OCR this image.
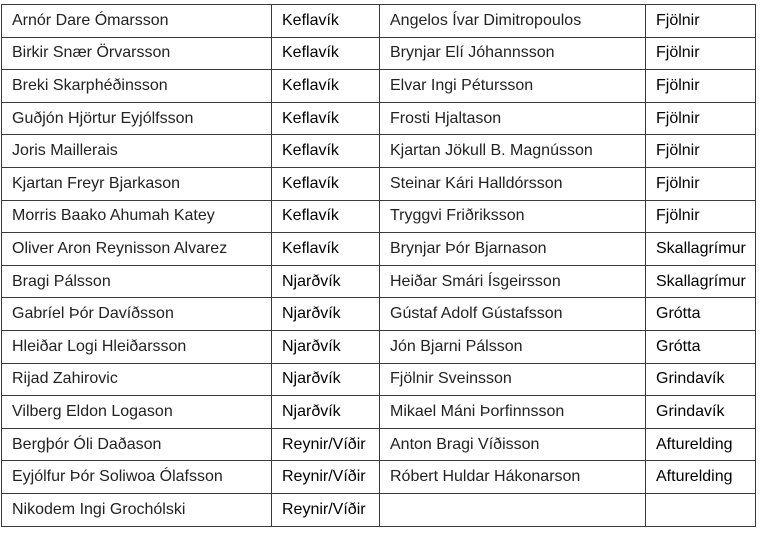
Arnór Dare Ómarsson	Keflavík	Angelos Ívar Dimitropoulos	Fjölnir
Birkir Snær Örvarsson	Keflavík	Brynjar Elí Jóhannsson	Fjölnir
Breki Skarphéðinsson	Keflavík	Elvar Ingi Pétursson	Fjölnir
Guðjón Hjörtur Eyjólfsson	Keflavík	Frosti Hjaltason	Fjölnir
Joris Maillerais	Keflavík	Kjartan Jökull B. Magnússon	Fjölnir
Kjartan Freyr Bjarkason	Keflavík	Steinar Kári Halldórsson	Fjölnir
Morris Baako Ahumah Katey	Keflavík	Tryggvi Friðriksson	Fjölnir
Oliver Aron Reynisson Alvarez	Keflavík	Brynjar Þór Bjarnason	Skallagrímur
Bragi Pálsson	Njarðvík	Heiðar Smári Ísgeirsson	Skallagrímur
Gabríel Þór Davíðsson	Njarðvík	Gústaf Adolf Gústafsson	Grótta
Hleiðar Logi Hleiðarsson	Njarðvík	Jón Bjarni Pálsson	Grótta
Rijad Zahirovic	Njarðvík	Fjölnir Sveinsson	Grindavík
Vilberg Eldon Logason	Njarðvík	Mikael Máni Þorfinnsson	Grindavík
Bergþór Óli Daðason	Reynir/Víðir	Anton Bragi Víðisson	Afturelding
Eyjólfur Þór Soliwoa Ólafsson	Reynir/Víðir	Róbert Huldar Hákonarson	Afturelding
Nikodem Ingi Grochólski	Reynir/Víðir		
